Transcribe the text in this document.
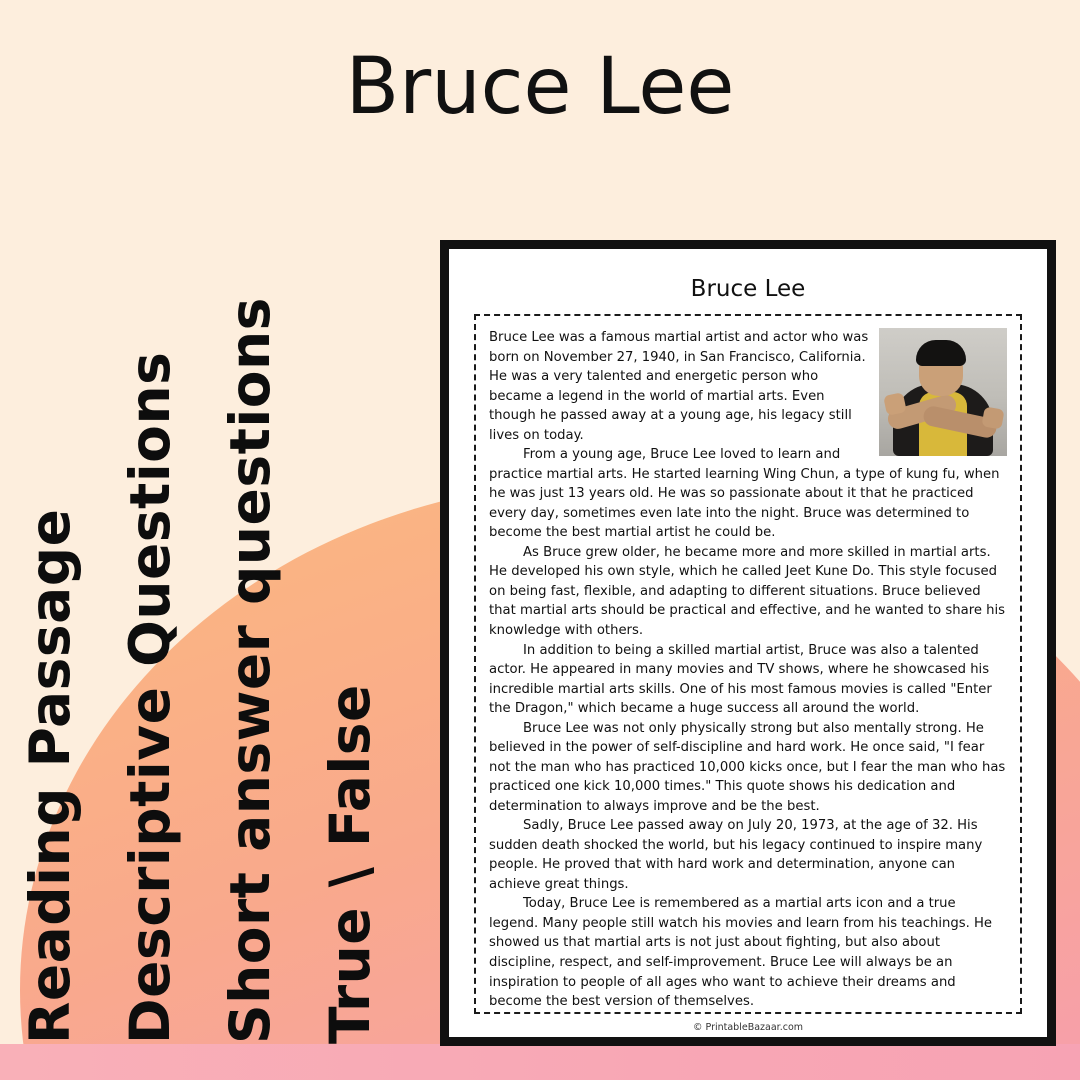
Bruce Lee
Reading Passage Descriptive Questions Short answer questions True \ False
Bruce Lee

Bruce Lee was a famous martial artist and actor who was born on November 27, 1940, in San Francisco, California. He was a very talented and energetic person who became a legend in the world of martial arts. Even though he passed away at a young age, his legacy still lives on today.

From a young age, Bruce Lee loved to learn and practice martial arts. He started learning Wing Chun, a type of kung fu, when he was just 13 years old. He was so passionate about it that he practiced every day, sometimes even late into the night. Bruce was determined to become the best martial artist he could be.

As Bruce grew older, he became more and more skilled in martial arts. He developed his own style, which he called Jeet Kune Do. This style focused on being fast, flexible, and adapting to different situations. Bruce believed that martial arts should be practical and effective, and he wanted to share his knowledge with others.

In addition to being a skilled martial artist, Bruce was also a talented actor. He appeared in many movies and TV shows, where he showcased his incredible martial arts skills. One of his most famous movies is called "Enter the Dragon," which became a huge success all around the world.

Bruce Lee was not only physically strong but also mentally strong. He believed in the power of self-discipline and hard work. He once said, "I fear not the man who has practiced 10,000 kicks once, but I fear the man who has practiced one kick 10,000 times." This quote shows his dedication and determination to always improve and be the best.

Sadly, Bruce Lee passed away on July 20, 1973, at the age of 32. His sudden death shocked the world, but his legacy continued to inspire many people. He proved that with hard work and determination, anyone can achieve great things.

Today, Bruce Lee is remembered as a martial arts icon and a true legend. Many people still watch his movies and learn from his teachings. He showed us that martial arts is not just about fighting, but also about discipline, respect, and self-improvement. Bruce Lee will always be an inspiration to people of all ages who want to achieve their dreams and become the best version of themselves.

© PrintableBazaar.com
